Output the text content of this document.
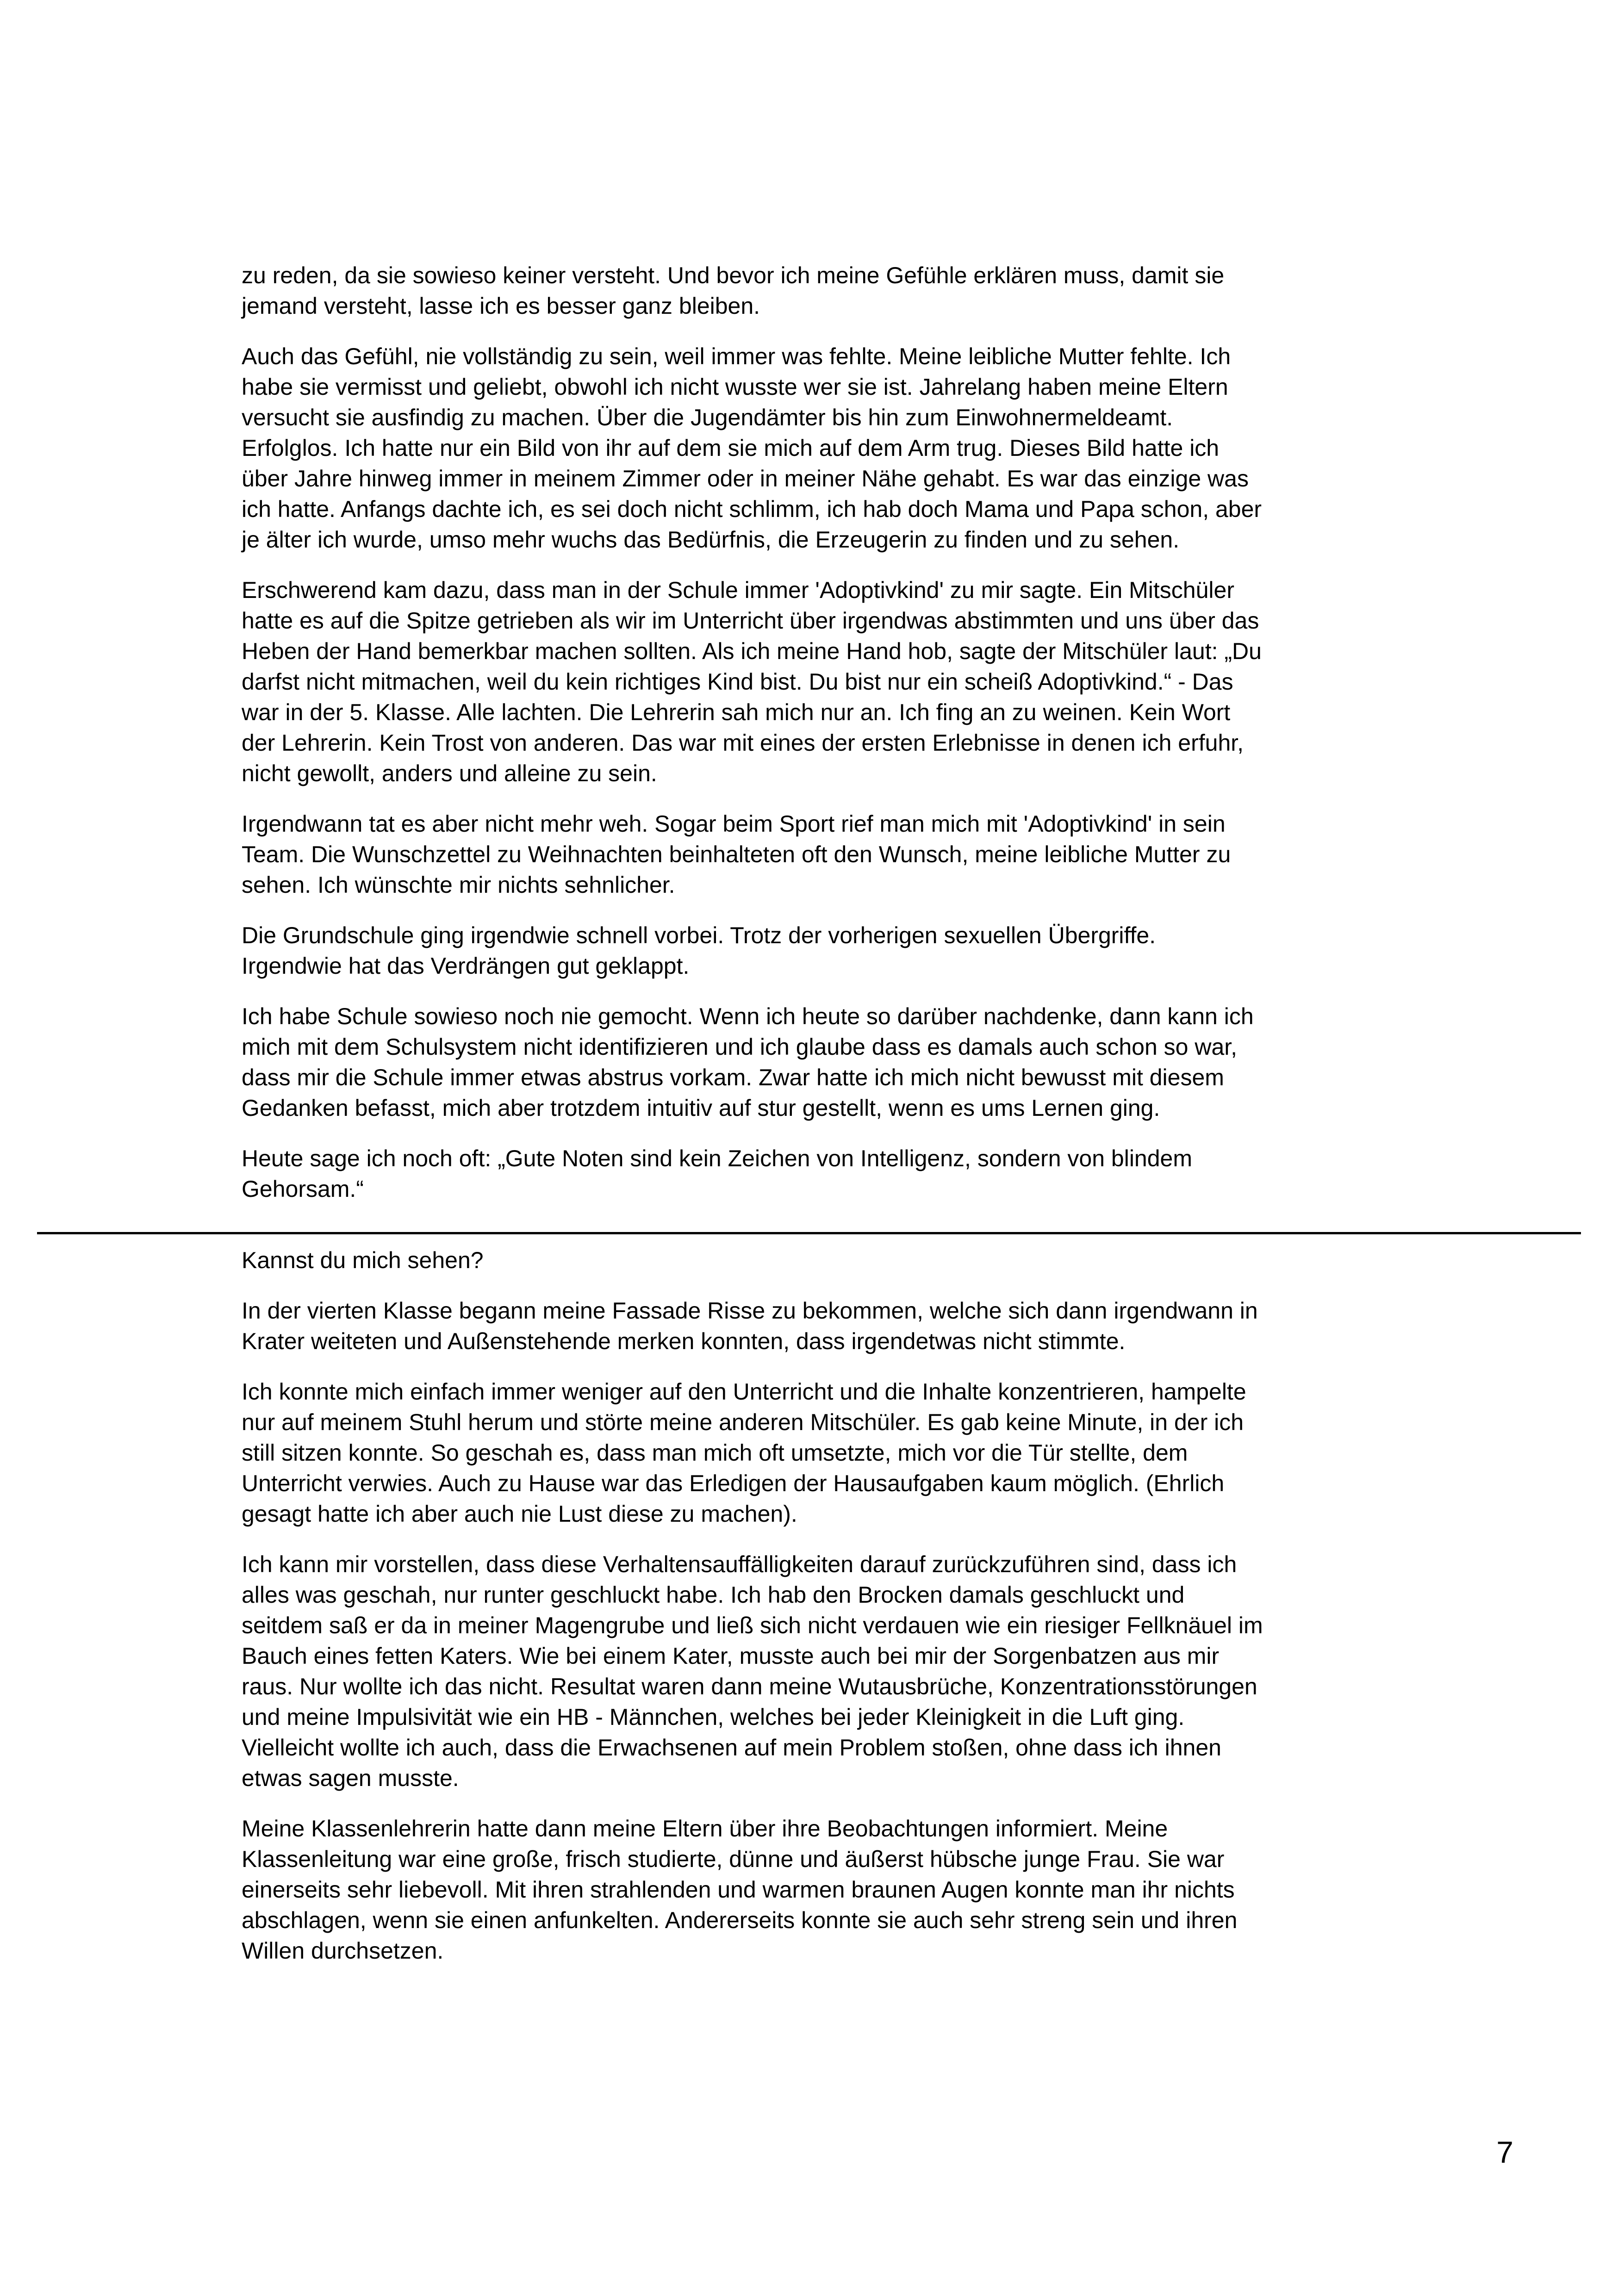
zu reden, da sie sowieso keiner versteht. Und bevor ich meine Gefühle erklären muss, damit sie
jemand versteht, lasse ich es besser ganz bleiben.

Auch das Gefühl, nie vollständig zu sein, weil immer was fehlte. Meine leibliche Mutter fehlte. Ich
habe sie vermisst und geliebt, obwohl ich nicht wusste wer sie ist. Jahrelang haben meine Eltern
versucht sie ausfindig zu machen. Über die Jugendämter bis hin zum Einwohnermeldeamt.
Erfolglos. Ich hatte nur ein Bild von ihr auf dem sie mich auf dem Arm trug. Dieses Bild hatte ich
über Jahre hinweg immer in meinem Zimmer oder in meiner Nähe gehabt. Es war das einzige was
ich hatte. Anfangs dachte ich, es sei doch nicht schlimm, ich hab doch Mama und Papa schon, aber
je älter ich wurde, umso mehr wuchs das Bedürfnis, die Erzeugerin zu finden und zu sehen.

Erschwerend kam dazu, dass man in der Schule immer 'Adoptivkind' zu mir sagte. Ein Mitschüler
hatte es auf die Spitze getrieben als wir im Unterricht über irgendwas abstimmten und uns über das
Heben der Hand bemerkbar machen sollten. Als ich meine Hand hob, sagte der Mitschüler laut: „Du
darfst nicht mitmachen, weil du kein richtiges Kind bist. Du bist nur ein scheiß Adoptivkind.“ - Das
war in der 5. Klasse. Alle lachten. Die Lehrerin sah mich nur an. Ich fing an zu weinen. Kein Wort
der Lehrerin. Kein Trost von anderen. Das war mit eines der ersten Erlebnisse in denen ich erfuhr,
nicht gewollt, anders und alleine zu sein.

Irgendwann tat es aber nicht mehr weh. Sogar beim Sport rief man mich mit 'Adoptivkind' in sein
Team. Die Wunschzettel zu Weihnachten beinhalteten oft den Wunsch, meine leibliche Mutter zu
sehen. Ich wünschte mir nichts sehnlicher.

Die Grundschule ging irgendwie schnell vorbei. Trotz der vorherigen sexuellen Übergriffe.
Irgendwie hat das Verdrängen gut geklappt.

Ich habe Schule sowieso noch nie gemocht. Wenn ich heute so darüber nachdenke, dann kann ich
mich mit dem Schulsystem nicht identifizieren und ich glaube dass es damals auch schon so war,
dass mir die Schule immer etwas abstrus vorkam. Zwar hatte ich mich nicht bewusst mit diesem
Gedanken befasst, mich aber trotzdem intuitiv auf stur gestellt, wenn es ums Lernen ging.

Heute sage ich noch oft: „Gute Noten sind kein Zeichen von Intelligenz, sondern von blindem
Gehorsam.“

Kannst du mich sehen?

In der vierten Klasse begann meine Fassade Risse zu bekommen, welche sich dann irgendwann in
Krater weiteten und Außenstehende merken konnten, dass irgendetwas nicht stimmte.

Ich konnte mich einfach immer weniger auf den Unterricht und die Inhalte konzentrieren, hampelte
nur auf meinem Stuhl herum und störte meine anderen Mitschüler. Es gab keine Minute, in der ich
still sitzen konnte. So geschah es, dass man mich oft umsetzte, mich vor die Tür stellte, dem
Unterricht verwies. Auch zu Hause war das Erledigen der Hausaufgaben kaum möglich. (Ehrlich
gesagt hatte ich aber auch nie Lust diese zu machen).

Ich kann mir vorstellen, dass diese Verhaltensauffälligkeiten darauf zurückzuführen sind, dass ich
alles was geschah, nur runter geschluckt habe. Ich hab den Brocken damals geschluckt und
seitdem saß er da in meiner Magengrube und ließ sich nicht verdauen wie ein riesiger Fellknäuel im
Bauch eines fetten Katers. Wie bei einem Kater, musste auch bei mir der Sorgenbatzen aus mir
raus. Nur wollte ich das nicht. Resultat waren dann meine Wutausbrüche, Konzentrationsstörungen
und meine Impulsivität wie ein HB - Männchen, welches bei jeder Kleinigkeit in die Luft ging.
Vielleicht wollte ich auch, dass die Erwachsenen auf mein Problem stoßen, ohne dass ich ihnen
etwas sagen musste.

Meine Klassenlehrerin hatte dann meine Eltern über ihre Beobachtungen informiert. Meine
Klassenleitung war eine große, frisch studierte, dünne und äußerst hübsche junge Frau. Sie war
einerseits sehr liebevoll. Mit ihren strahlenden und warmen braunen Augen konnte man ihr nichts
abschlagen, wenn sie einen anfunkelten. Andererseits konnte sie auch sehr streng sein und ihren
Willen durchsetzen.

7
